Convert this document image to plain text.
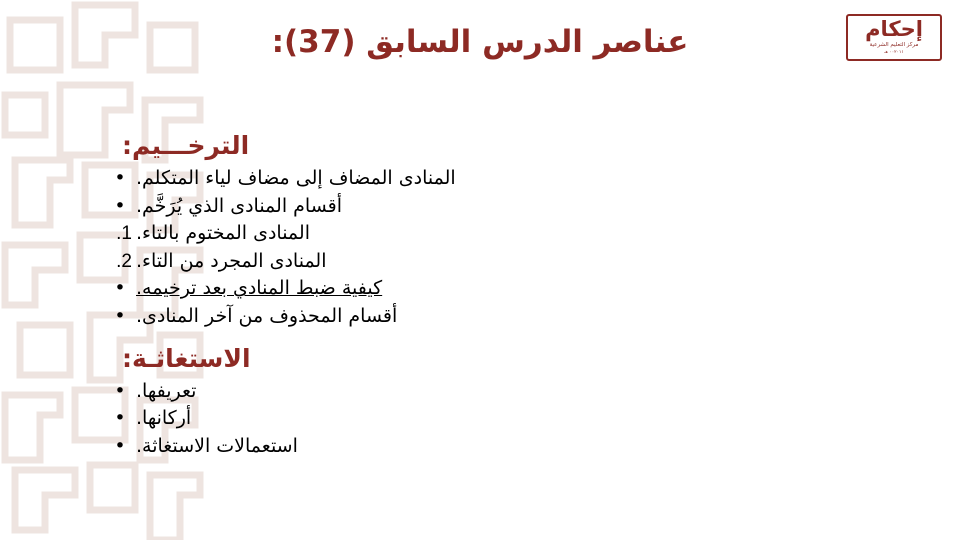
إحكام
مركز التعليم الشرعية
٠٠٢٠١١ هـ
عناصر الدرس السابق (37):
الترخـــيم:
• المنادى المضاف إلى مضاف لياء المتكلم.
• أقسام المنادى الذي يُرَخَّم.
1. المنادى المختوم بالتاء.
2. المنادى المجرد من التاء.
• كيفية ضبط المنادي بعد ترخيمه.
• أقسام المحذوف من آخر المنادى.
الاستغاثـة:
• تعريفها.
• أركانها.
• استعمالات الاستغاثة.
